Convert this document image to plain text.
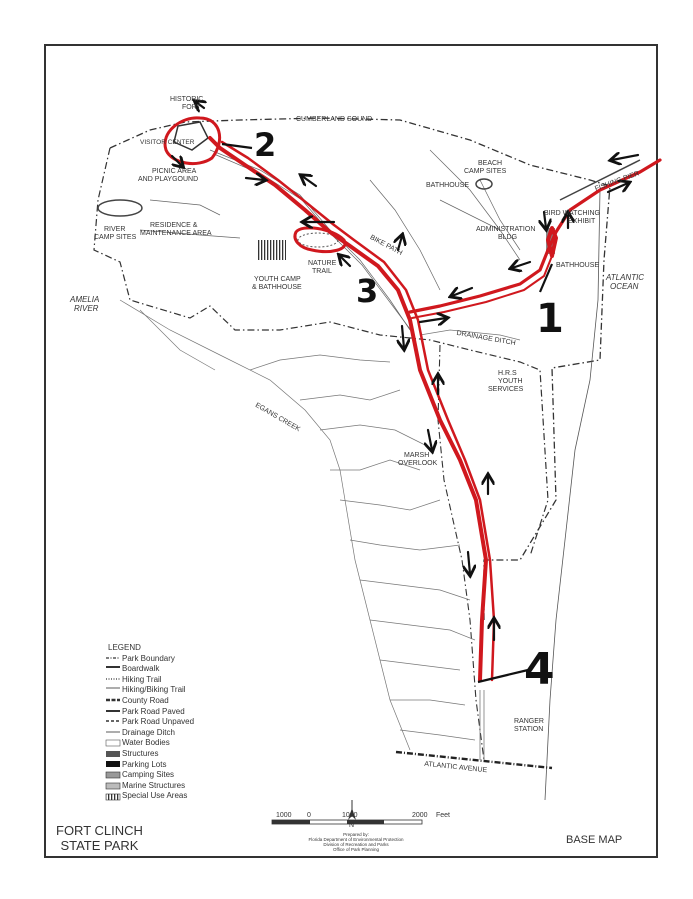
CUMBERLAND SOUND
HISTORIC
FORT
VISITOR CENTER
PICNIC AREA
AND PLAYGOUND
RIVER
CAMP SITES
RESIDENCE &
MAINTENANCE AREA
YOUTH CAMP
& BATHHOUSE
NATURE
TRAIL
BIKE PATH
BEACH
CAMP SITES
BATHHOUSE
ADMINISTRATION
BLDG
BIRD WATCHING
EXHIBIT
FISHING PIER
BATHHOUSE
ATLANTIC
OCEAN
AMELIA
RIVER
DRAINAGE DITCH
H.R.S
YOUTH
SERVICES
EGANS CREEK
MARSH
OVERLOOK
RANGER
STATION
ATLANTIC AVENUE
1
2
3
4
LEGEND
Park Boundary
Boardwalk
Hiking Trail
Hiking/Biking Trail
County Road
Park Road Paved
Park Road Unpaved
Drainage Ditch
Water Bodies
Structures
Parking Lots
Camping Sites
Marine Structures
Special Use Areas
1000 0	1000	2000 Feet
N
Prepared by:
Florida Department of Environmental Protection
Division of Recreation and Parks
Office of Park Planning
FORT CLINCH
STATE PARK	BASE MAP
